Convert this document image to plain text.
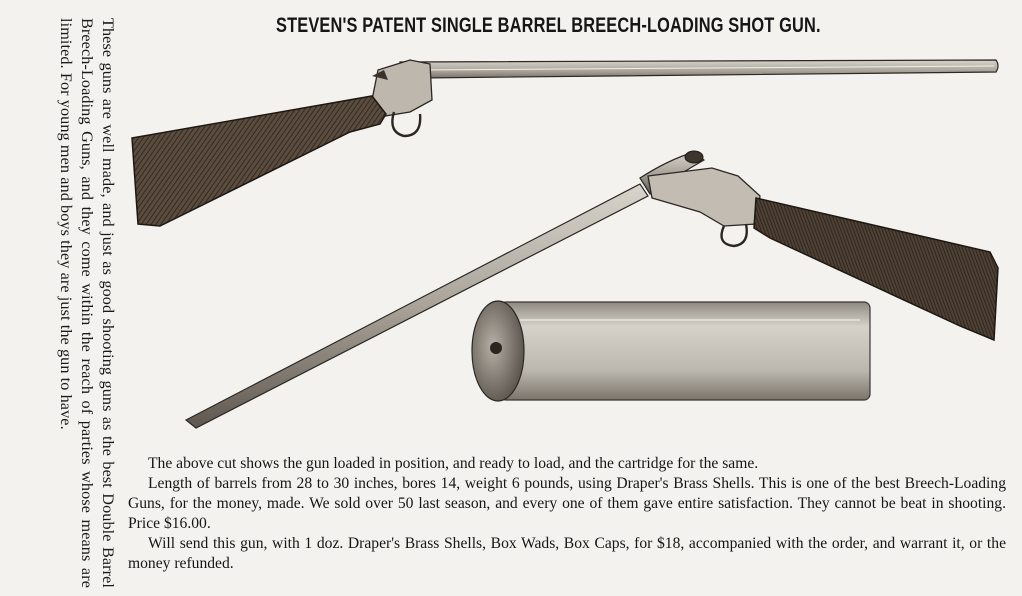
These guns are well made, and just as good shooting guns as the best Double Barrel Breech-Loading Guns, and they come within the reach of parties whose means are limited. For young men and boys they are just the gun to have.	STEVEN'S PATENT SINGLE BARREL BREECH-LOADING SHOT GUN.

The above cut shows the gun loaded in position, and ready to load, and the cartridge for the same.

Length of barrels from 28 to 30 inches, bores 14, weight 6 pounds, using Draper's Brass Shells. This is one of the best Breech-Loading Guns, for the money, made. We sold over 50 last season, and every one of them gave entire satisfaction. They cannot be beat in shooting. Price $16.00.

Will send this gun, with 1 doz. Draper's Brass Shells, Box Wads, Box Caps, for $18, accompanied with the order, and warrant it, or the money refunded.
